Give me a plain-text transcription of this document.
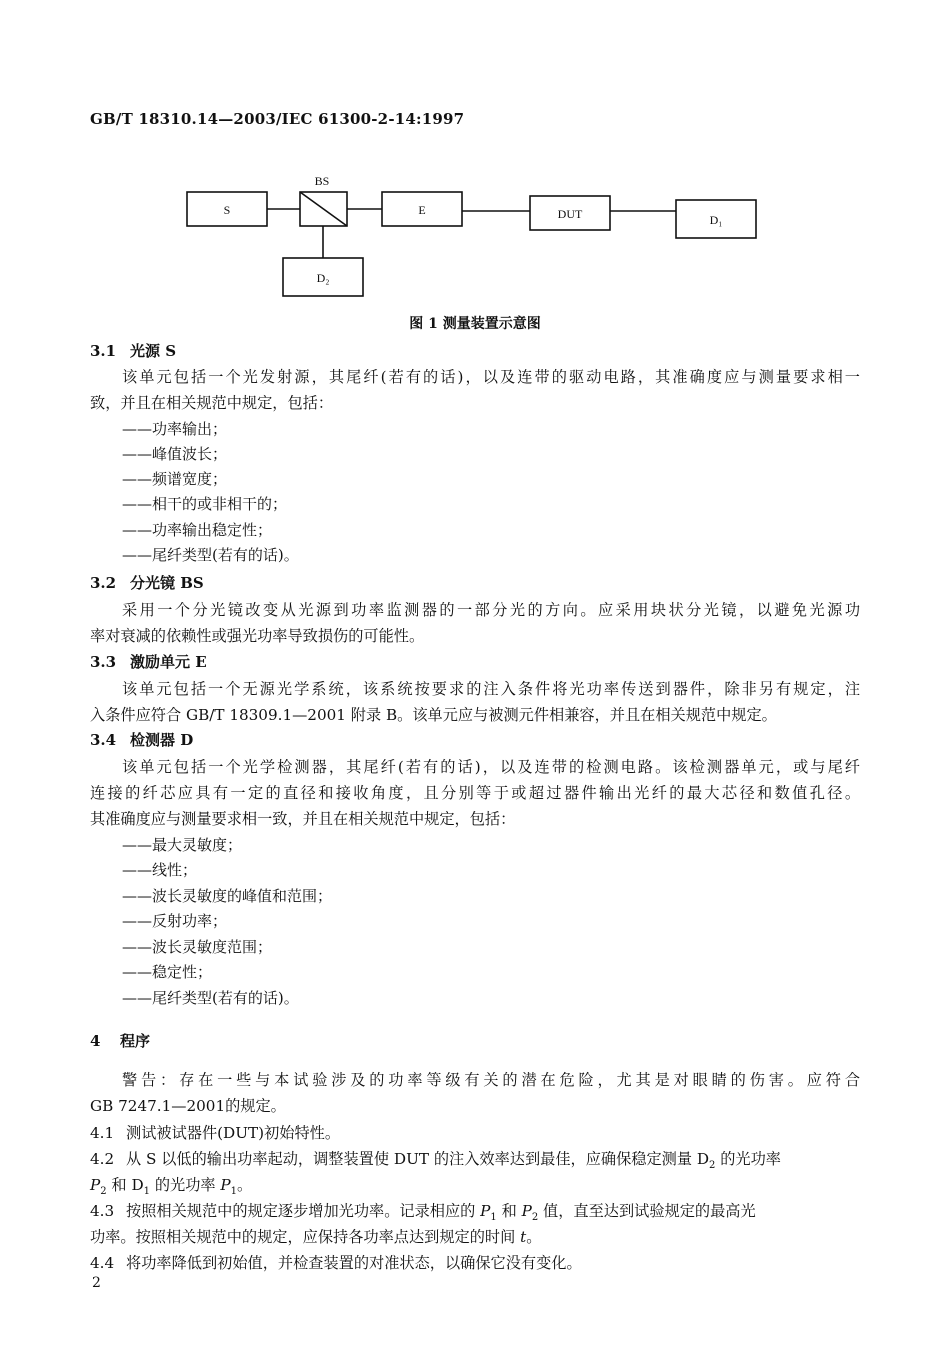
GB/T 18310.14—2003/IEC 61300-2-14:1997
BS
S	E	DUT	D₁
D₂
图 1 测量装置示意图
3.1 光源 S
该单元包括一个光发射源，其尾纤(若有的话)，以及连带的驱动电路，其准确度应与测量要求相一
致，并且在相关规范中规定，包括：
——功率输出；
——峰值波长；
——频谱宽度；
——相干的或非相干的；
——功率输出稳定性；
——尾纤类型(若有的话)。
3.2 分光镜 BS
采用一个分光镜改变从光源到功率监测器的一部分光的方向。应采用块状分光镜，以避免光源功
率对衰减的依赖性或强光功率导致损伤的可能性。
3.3 激励单元 E
该单元包括一个无源光学系统，该系统按要求的注入条件将光功率传送到器件，除非另有规定，注
入条件应符合 GB/T 18309.1—2001 附录 B。该单元应与被测元件相兼容，并且在相关规范中规定。
3.4 检测器 D
该单元包括一个光学检测器，其尾纤(若有的话)，以及连带的检测电路。该检测器单元，或与尾纤
连接的纤芯应具有一定的直径和接收角度，且分别等于或超过器件输出光纤的最大芯径和数值孔径。
其准确度应与测量要求相一致，并且在相关规范中规定，包括：
——最大灵敏度；
——线性；
——波长灵敏度的峰值和范围；
——反射功率；
——波长灵敏度范围；
——稳定性；
——尾纤类型(若有的话)。
4 程序
警告：存在一些与本试验涉及的功率等级有关的潜在危险，尤其是对眼睛的伤害。应符合
GB 7247.1—2001的规定。
4.1 测试被试器件(DUT)初始特性。
4.2 从 S 以低的输出功率起动，调整装置使 DUT 的注入效率达到最佳，应确保稳定测量 $D_2$ 的光功率
$P_2$ 和 $D_1$ 的光功率 $P_1$。
4.3 按照相关规范中的规定逐步增加光功率。记录相应的 $P_1$ 和 $P_2$ 值，直至达到试验规定的最高光
功率。按照相关规范中的规定，应保持各功率点达到规定的时间 t。
4.4 将功率降低到初始值，并检查装置的对准状态，以确保它没有变化。
2
